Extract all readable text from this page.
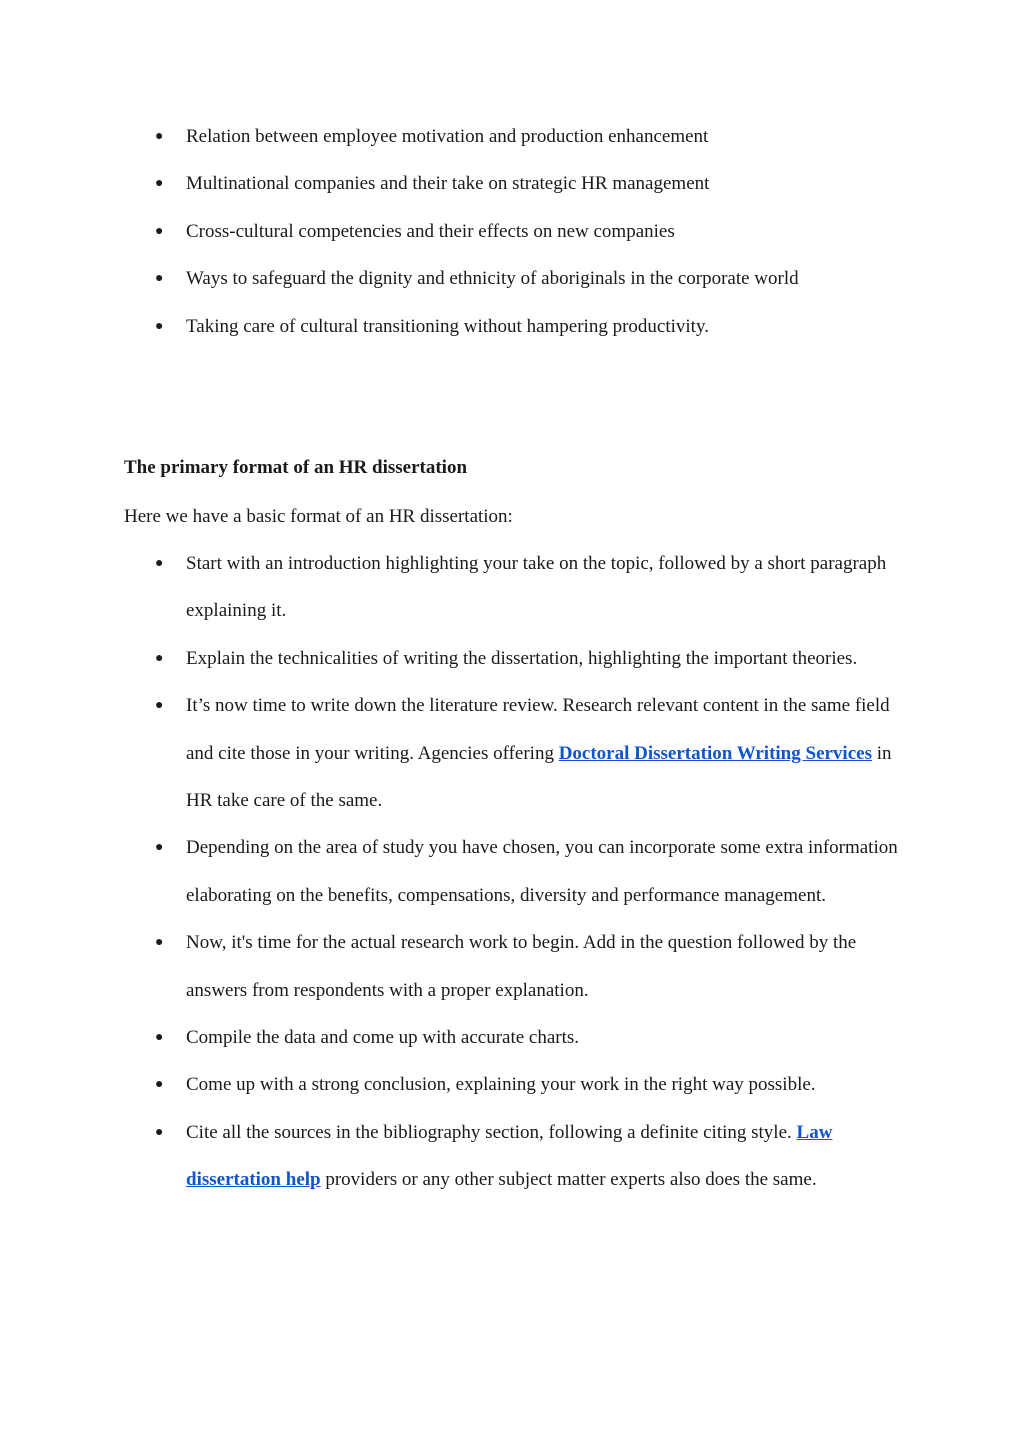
● Relation between employee motivation and production enhancement
● Multinational companies and their take on strategic HR management
● Cross-cultural competencies and their effects on new companies
● Ways to safeguard the dignity and ethnicity of aboriginals in the corporate world
● Taking care of cultural transitioning without hampering productivity.
The primary format of an HR dissertation

Here we have a basic format of an HR dissertation:

● Start with an introduction highlighting your take on the topic, followed by a short paragraph explaining it.
● Explain the technicalities of writing the dissertation, highlighting the important theories.
● It’s now time to write down the literature review. Research relevant content in the same field and cite those in your writing. Agencies offering Doctoral Dissertation Writing Services in HR take care of the same.
● Depending on the area of study you have chosen, you can incorporate some extra information elaborating on the benefits, compensations, diversity and performance management.
● Now, it's time for the actual research work to begin. Add in the question followed by the answers from respondents with a proper explanation.
● Compile the data and come up with accurate charts.
● Come up with a strong conclusion, explaining your work in the right way possible.
● Cite all the sources in the bibliography section, following a definite citing style. Law dissertation help providers or any other subject matter experts also does the same.
